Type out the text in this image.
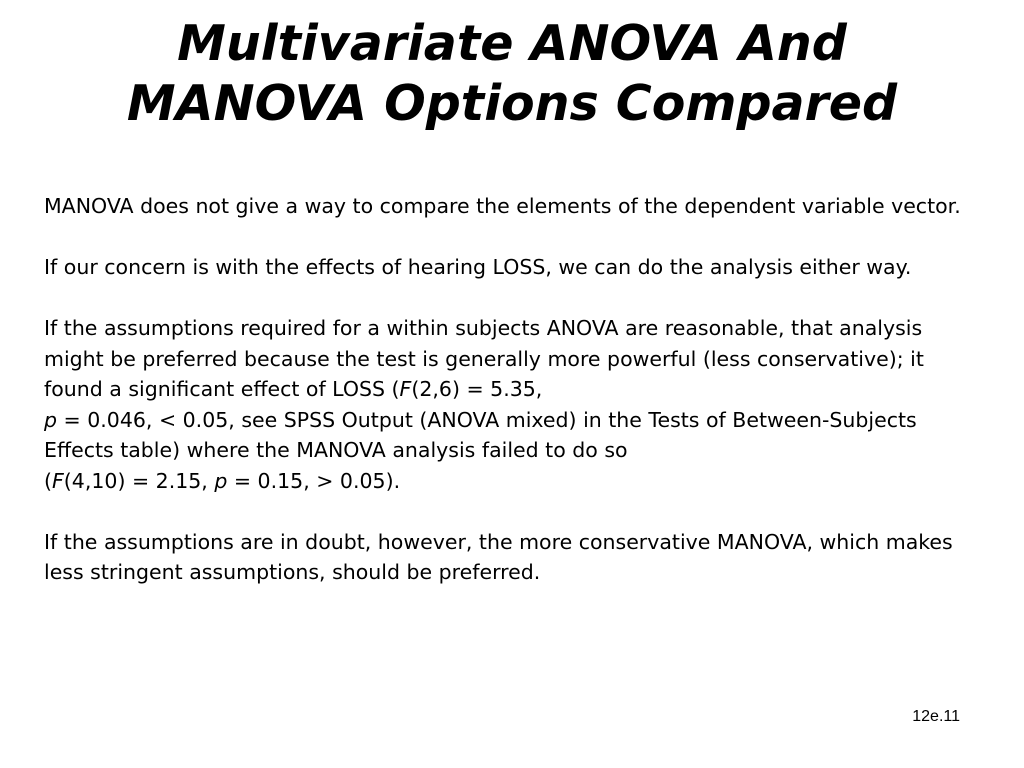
Multivariate ANOVA And
MANOVA Options Compared

MANOVA does not give a way to compare the elements of the dependent variable vector.

If our concern is with the effects of hearing LOSS, we can do the analysis either way.

If the assumptions required for a within subjects ANOVA are reasonable, that analysis might be preferred because the test is generally more powerful (less conservative); it found a significant effect of LOSS (F(2,6) = 5.35,
p = 0.046, < 0.05, see SPSS Output (ANOVA mixed) in the Tests of Between-Subjects Effects table) where the MANOVA analysis failed to do so
(F(4,10) = 2.15, p = 0.15, > 0.05).

If the assumptions are in doubt, however, the more conservative MANOVA, which makes less stringent assumptions, should be preferred.

12e.11
